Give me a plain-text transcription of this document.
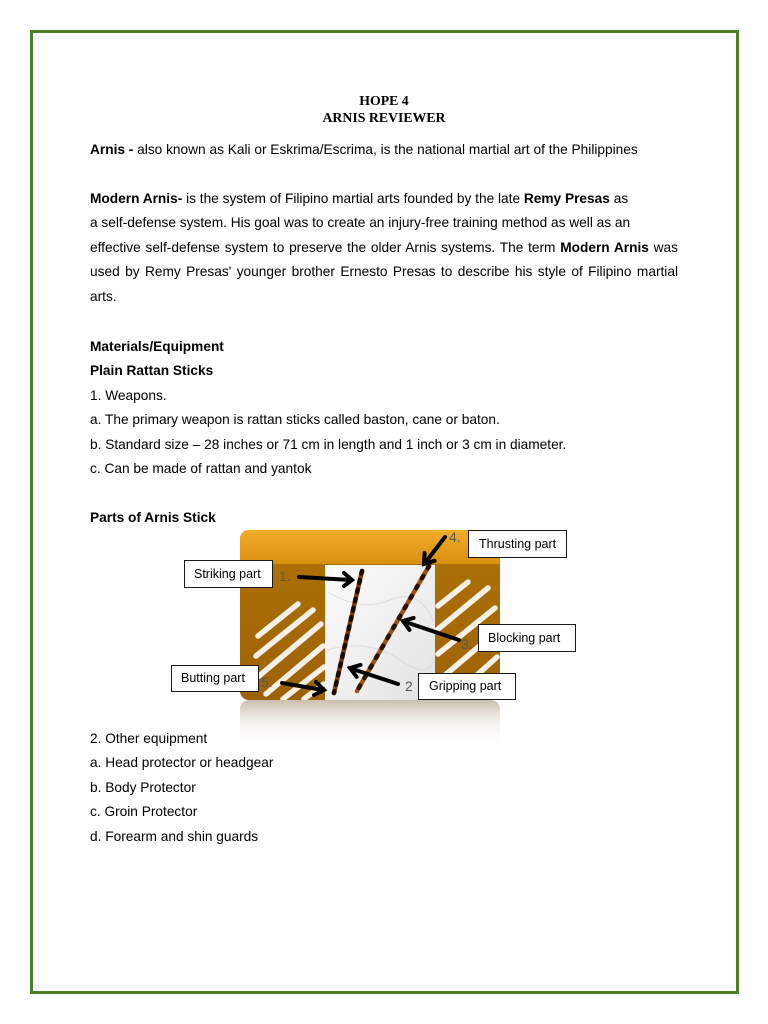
HOPE 4
ARNIS REVIEWER
Arnis - also known as Kali or Eskrima/Escrima, is the national martial art of the Philippines
Modern Arnis- is the system of Filipino martial arts founded by the late Remy Presas as
a self-defense system. His goal was to create an injury-free training method as well as an
effective self-defense system to preserve the older Arnis systems. The term Modern Arnis was
used by Remy Presas' younger brother Ernesto Presas to describe his style of Filipino martial
arts.
Materials/Equipment
Plain Rattan Sticks
1. Weapons.
a. The primary weapon is rattan sticks called baston, cane or baton.
b. Standard size – 28 inches or 71 cm in length and 1 inch or 3 cm in diameter.
c. Can be made of rattan and yantok
Parts of Arnis Stick
Striking part	1.
Gripping part
2
Blocking part
3.
Thrusting part
4.
Butting part	5.
2. Other equipment
a. Head protector or headgear
b. Body Protector
c. Groin Protector
d. Forearm and shin guards
